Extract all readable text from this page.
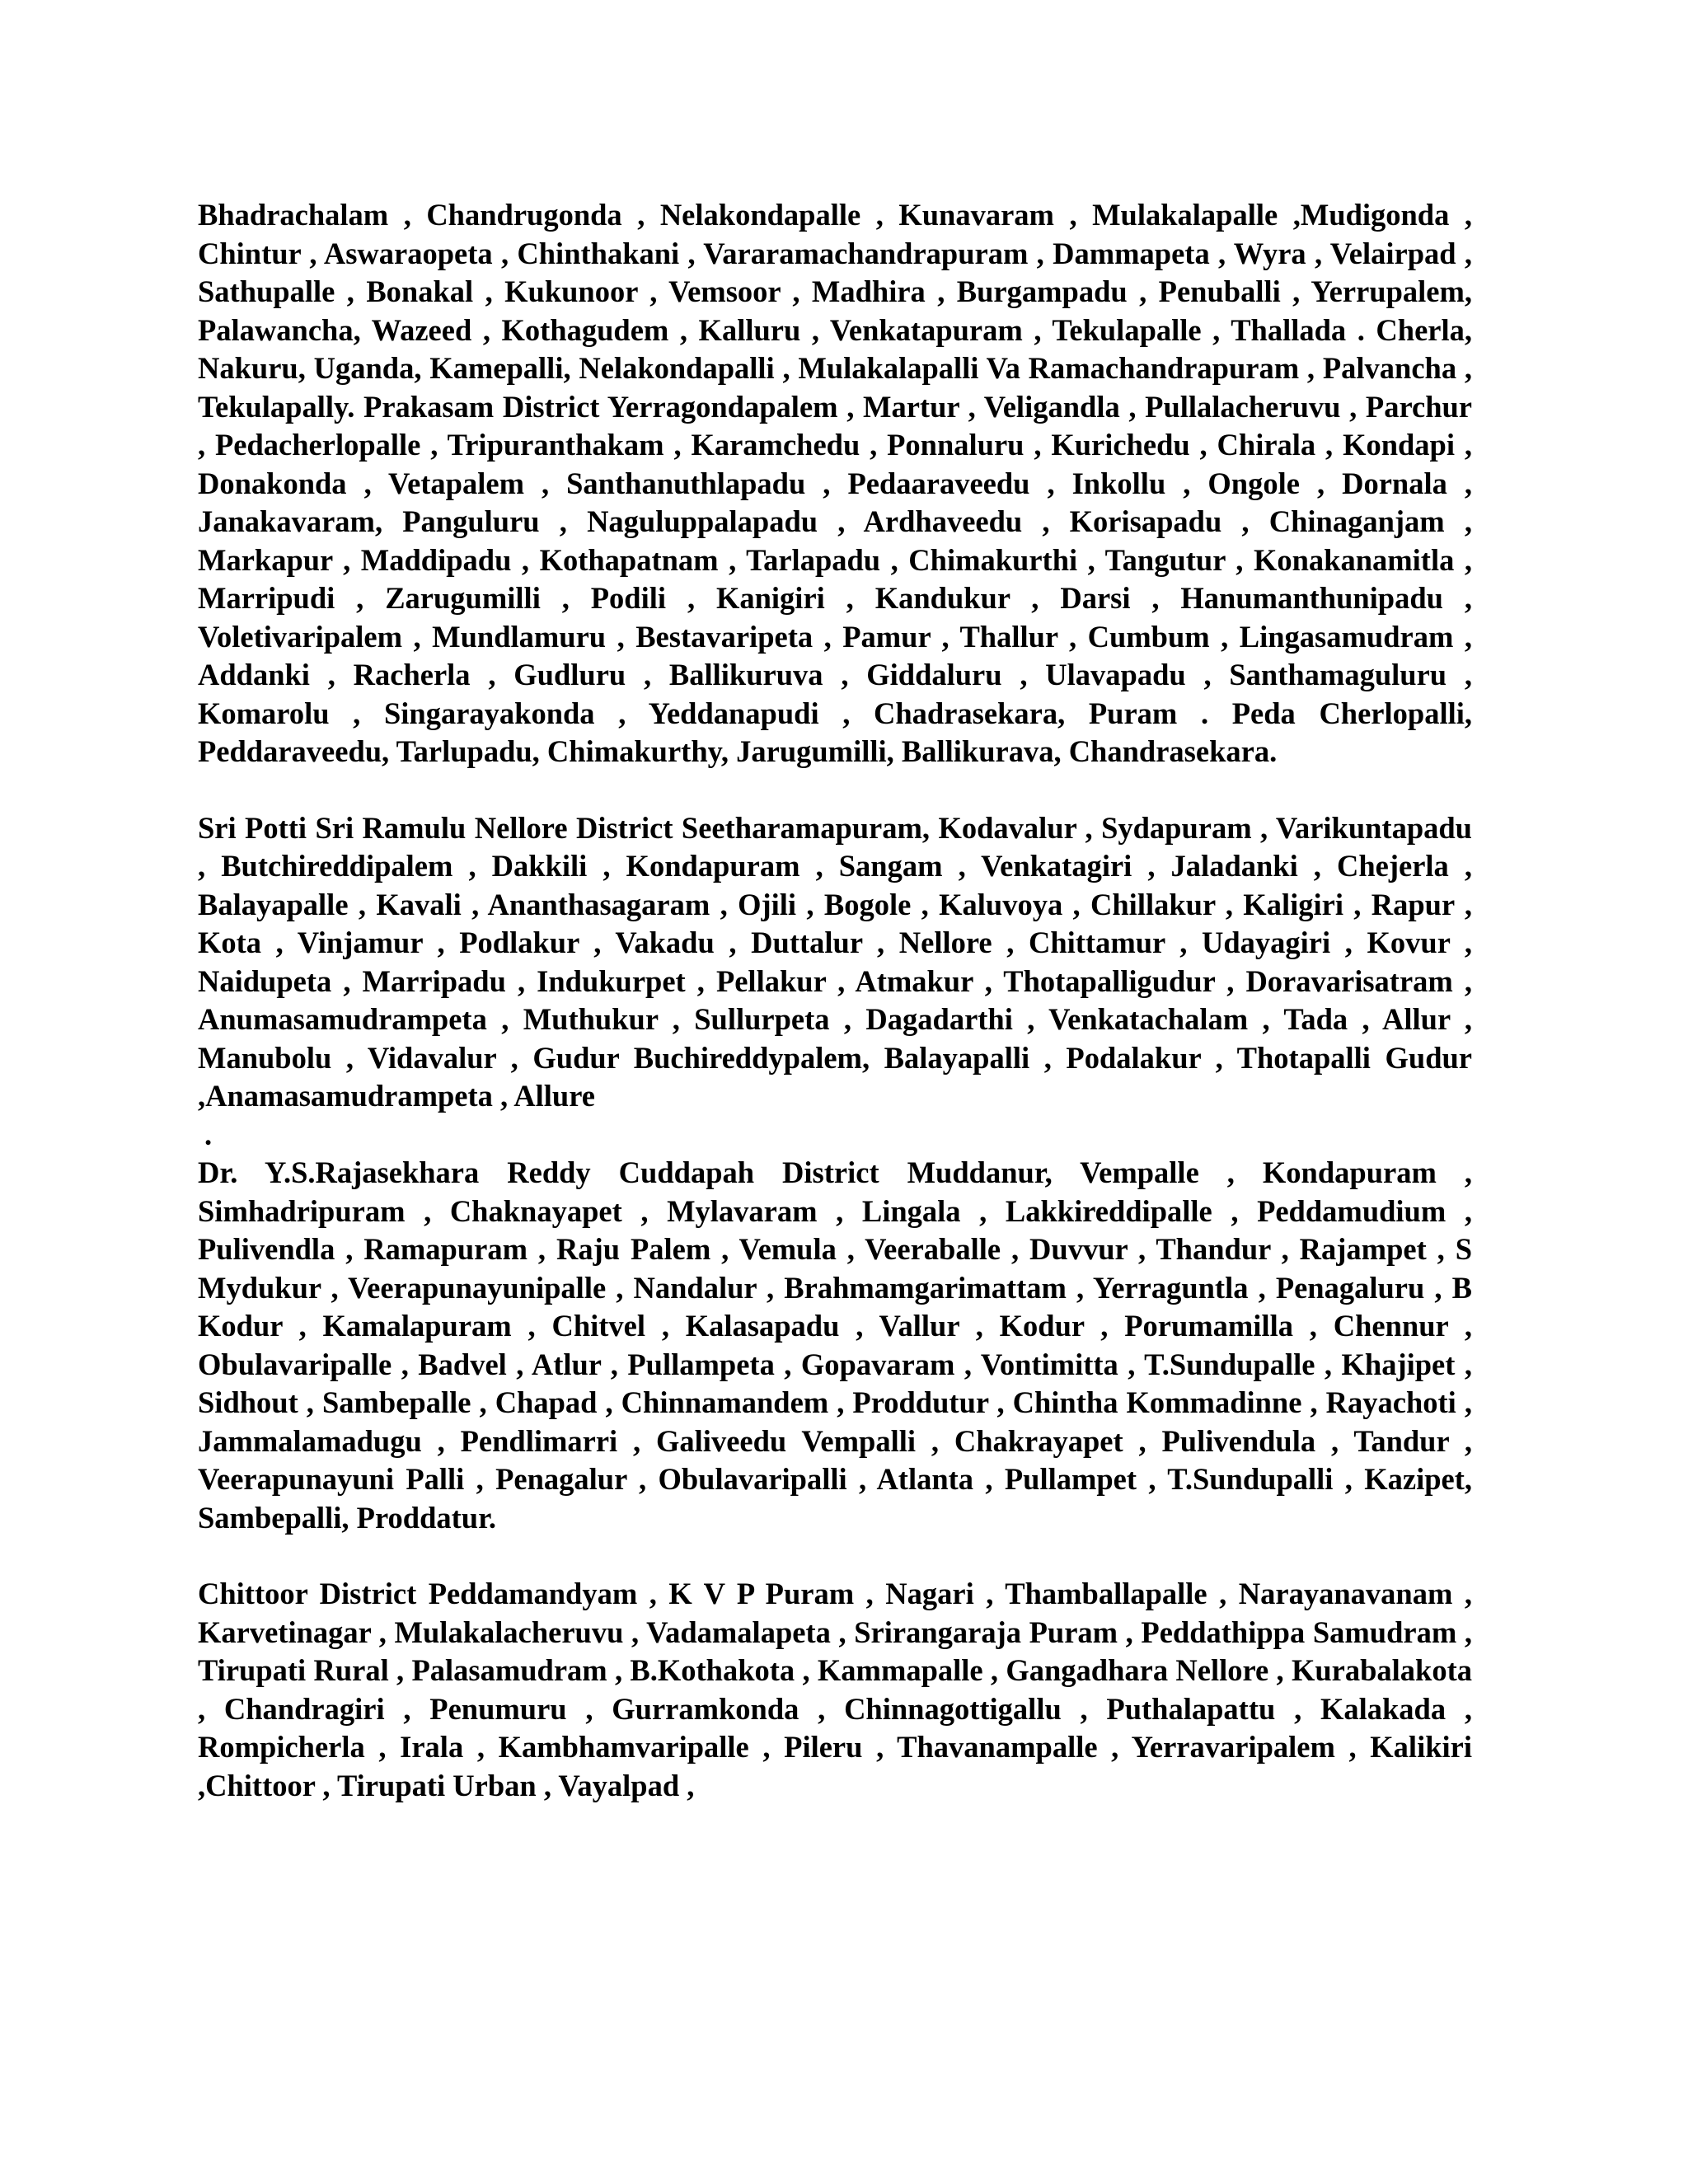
Bhadrachalam , Chandrugonda , Nelakondapalle , Kunavaram , Mulakalapalle ,Mudigonda , Chintur , Aswaraopeta , Chinthakani , Vararamachandrapuram , Dammapeta , Wyra , Velairpad , Sathupalle , Bonakal , Kukunoor , Vemsoor , Madhira , Burgampadu , Penuballi , Yerrupalem, Palawancha, Wazeed , Kothagudem , Kalluru , Venkatapuram , Tekulapalle , Thallada . Cherla, Nakuru, Uganda, Kamepalli, Nelakondapalli , Mulakalapalli Va Ramachandrapuram , Palvancha , Tekulapally. Prakasam District Yerragondapalem , Martur , Veligandla , Pullalacheruvu , Parchur , Pedacherlopalle , Tripuranthakam , Karamchedu , Ponnaluru , Kurichedu , Chirala , Kondapi , Donakonda , Vetapalem , Santhanuthlapadu , Pedaaraveedu , Inkollu , Ongole , Dornala , Janakavaram, Panguluru , Naguluppalapadu , Ardhaveedu , Korisapadu , Chinaganjam , Markapur , Maddipadu , Kothapatnam , Tarlapadu , Chimakurthi , Tangutur , Konakanamitla , Marripudi , Zarugumilli , Podili , Kanigiri , Kandukur , Darsi , Hanumanthunipadu , Voletivaripalem , Mundlamuru , Bestavaripeta , Pamur , Thallur , Cumbum , Lingasamudram , Addanki , Racherla , Gudluru , Ballikuruva , Giddaluru , Ulavapadu , Santhamaguluru , Komarolu , Singarayakonda , Yeddanapudi , Chadrasekara, Puram . Peda Cherlopalli, Peddaraveedu, Tarlupadu, Chimakurthy, Jarugumilli, Ballikurava, Chandrasekara.

Sri Potti Sri Ramulu Nellore District Seetharamapuram, Kodavalur , Sydapuram , Varikuntapadu , Butchireddipalem , Dakkili , Kondapuram , Sangam , Venkatagiri , Jaladanki , Chejerla , Balayapalle , Kavali , Ananthasagaram , Ojili , Bogole , Kaluvoya , Chillakur , Kaligiri , Rapur , Kota , Vinjamur , Podlakur , Vakadu , Duttalur , Nellore , Chittamur , Udayagiri , Kovur , Naidupeta , Marripadu , Indukurpet , Pellakur , Atmakur , Thotapalligudur , Doravarisatram , Anumasamudrampeta , Muthukur , Sullurpeta , Dagadarthi , Venkatachalam , Tada , Allur , Manubolu , Vidavalur , Gudur Buchireddypalem, Balayapalli , Podalakur , Thotapalli Gudur ,Anamasamudrampeta , Allure

.

Dr. Y.S.Rajasekhara Reddy Cuddapah District Muddanur, Vempalle , Kondapuram , Simhadripuram , Chaknayapet , Mylavaram , Lingala , Lakkireddipalle , Peddamudium , Pulivendla , Ramapuram , Raju Palem , Vemula , Veeraballe , Duvvur , Thandur , Rajampet , S Mydukur , Veerapunayunipalle , Nandalur , Brahmamgarimattam , Yerraguntla , Penagaluru , B Kodur , Kamalapuram , Chitvel , Kalasapadu , Vallur , Kodur , Porumamilla , Chennur , Obulavaripalle , Badvel , Atlur , Pullampeta , Gopavaram , Vontimitta , T.Sundupalle , Khajipet , Sidhout , Sambepalle , Chapad , Chinnamandem , Proddutur , Chintha Kommadinne , Rayachoti , Jammalamadugu , Pendlimarri , Galiveedu Vempalli , Chakrayapet , Pulivendula , Tandur , Veerapunayuni Palli , Penagalur , Obulavaripalli , Atlanta , Pullampet , T.Sundupalli , Kazipet, Sambepalli, Proddatur.

Chittoor District Peddamandyam , K V P Puram , Nagari , Thamballapalle , Narayanavanam , Karvetinagar , Mulakalacheruvu , Vadamalapeta , Srirangaraja Puram , Peddathippa Samudram , Tirupati Rural , Palasamudram , B.Kothakota , Kammapalle , Gangadhara Nellore , Kurabalakota , Chandragiri , Penumuru , Gurramkonda , Chinnagottigallu , Puthalapattu , Kalakada , Rompicherla , Irala , Kambhamvaripalle , Pileru , Thavanampalle , Yerravaripalem , Kalikiri ,Chittoor , Tirupati Urban , Vayalpad ,
